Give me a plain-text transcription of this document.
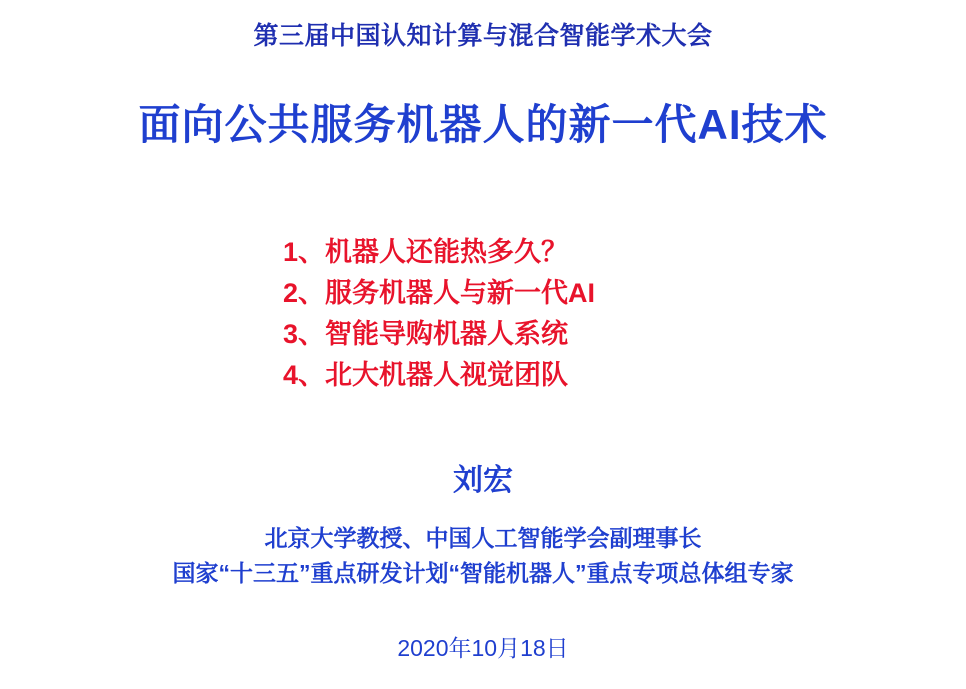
第三届中国认知计算与混合智能学术大会
面向公共服务机器人的新一代AI技术
1、机器人还能热多久？
2、服务机器人与新一代AI
3、智能导购机器人系统
4、北大机器人视觉团队
刘宏
北京大学教授、中国人工智能学会副理事长
国家“十三五”重点研发计划“智能机器人”重点专项总体组专家
2020年10月18日
